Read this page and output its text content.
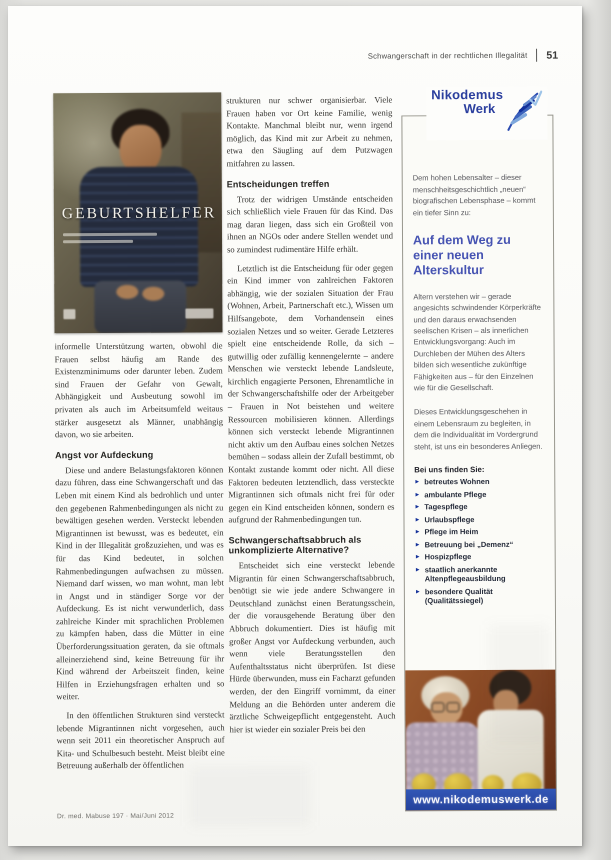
Schwangerschaft in der rechtlichen Illegalität 51
GEBURTSHELFER

informelle Unterstützung warten, obwohl die Frauen selbst häufig am Rande des Existenzminimums oder darunter leben. Zudem sind Frauen der Gefahr von Gewalt, Abhängigkeit und Ausbeutung sowohl im privaten als auch im Arbeitsumfeld weitaus stärker ausgesetzt als Männer, unabhängig davon, wo sie arbeiten.

Angst vor Aufdeckung

Diese und andere Belastungsfaktoren können dazu führen, dass eine Schwangerschaft und das Leben mit einem Kind als bedrohlich und unter den gegebenen Rahmenbedingungen als nicht zu bewältigen gesehen werden. Versteckt lebenden Migrantinnen ist bewusst, was es bedeutet, ein Kind in der Illegalität großzuziehen, und was es für das Kind bedeutet, in solchen Rahmenbedingungen aufwachsen zu müssen. Niemand darf wissen, wo man wohnt, man lebt in Angst und in ständiger Sorge vor der Aufdeckung. Es ist nicht verwunderlich, dass zahlreiche Kinder mit sprachlichen Problemen zu kämpfen haben, dass die Mütter in eine Überforderungssituation geraten, da sie oftmals alleinerziehend sind, keine Betreuung für ihr Kind während der Arbeitszeit finden, keine Hilfen in Erziehungsfragen erhalten und so weiter.

In den öffentlichen Strukturen sind versteckt lebende Migrantinnen nicht vorgesehen, auch wenn seit 2011 ein theoretischer Anspruch auf Kita- und Schulbesuch besteht. Meist bleibt eine Betreuung außerhalb der öffentlichen

strukturen nur schwer organisierbar. Viele Frauen haben vor Ort keine Familie, wenig Kontakte. Manchmal bleibt nur, wenn irgend möglich, das Kind mit zur Arbeit zu nehmen, etwa den Säugling auf dem Putzwagen mitfahren zu lassen.

Entscheidungen treffen

Trotz der widrigen Umstände entscheiden sich schließlich viele Frauen für das Kind. Das mag daran liegen, dass sich ein Großteil von ihnen an NGOs oder andere Stellen wendet und so zumindest rudimentäre Hilfe erhält.

Letztlich ist die Entscheidung für oder gegen ein Kind immer von zahlreichen Faktoren abhängig, wie der sozialen Situation der Frau (Wohnen, Arbeit, Partnerschaft etc.), Wissen um Hilfsangebote, dem Vorhandensein eines sozialen Netzes und so weiter. Gerade Letzteres spielt eine entscheidende Rolle, da sich – gutwillig oder zufällig kennengelernte – andere Menschen wie versteckt lebende Landsleute, kirchlich engagierte Personen, Ehrenamtliche in der Schwangerschaftshilfe oder der Arbeitgeber – Frauen in Not beistehen und weitere Ressourcen mobilisieren können. Allerdings können sich versteckt lebende Migrantinnen nicht aktiv um den Aufbau eines solchen Netzes bemühen – sodass allein der Zufall bestimmt, ob Kontakt zustande kommt oder nicht. All diese Faktoren bedeuten letztendlich, dass versteckte Migrantinnen sich oftmals nicht frei für oder gegen ein Kind entscheiden können, sondern es aufgrund der Rahmenbedingungen tun.

Schwangerschaftsabbruch als unkomplizierte Alternative?

Entscheidet sich eine versteckt lebende Migrantin für einen Schwangerschaftsabbruch, benötigt sie wie jede andere Schwangere in Deutschland zunächst einen Beratungsschein, der die vorausgehende Beratung über den Abbruch dokumentiert. Dies ist häufig mit großer Angst vor Aufdeckung verbunden, auch wenn viele Beratungsstellen den Aufenthaltsstatus nicht überprüfen. Ist diese Hürde überwunden, muss ein Facharzt gefunden werden, der den Eingriff vornimmt, da einer Meldung an die Behörden unter anderem die ärztliche Schweigepflicht entgegensteht. Auch hier ist wieder ein sozialer Preis bei den

Nikodemus
Werk

Dem hohen Lebensalter – dieser menschheitsgeschichtlich „neuen“ biografischen Lebensphase – kommt ein tiefer Sinn zu:

Auf dem Weg zu einer neuen Alterskultur

Altern verstehen wir – gerade angesichts schwindender Körperkräfte und den daraus erwachsenden seelischen Krisen – als innerlichen Entwicklungsvorgang: Auch im Durchleben der Mühen des Alters bilden sich wesentliche zukünftige Fähigkeiten aus – für den Einzelnen wie für die Gesellschaft.

Dieses Entwicklungsgeschehen in einem Lebensraum zu begleiten, in dem die Individualität im Vordergrund steht, ist uns ein besonderes Anliegen.

Bei uns finden Sie:
► betreutes Wohnen
► ambulante Pflege
► Tagespflege
► Urlaubspflege
► Pflege im Heim
► Betreuung bei „Demenz“
► Hospizpflege
► staatlich anerkannte Altenpflegeausbildung
► besondere Qualität (Qualitätssiegel)
www.nikodemuswerk.de
Dr. med. Mabuse 197 · Mai/Juni 2012
